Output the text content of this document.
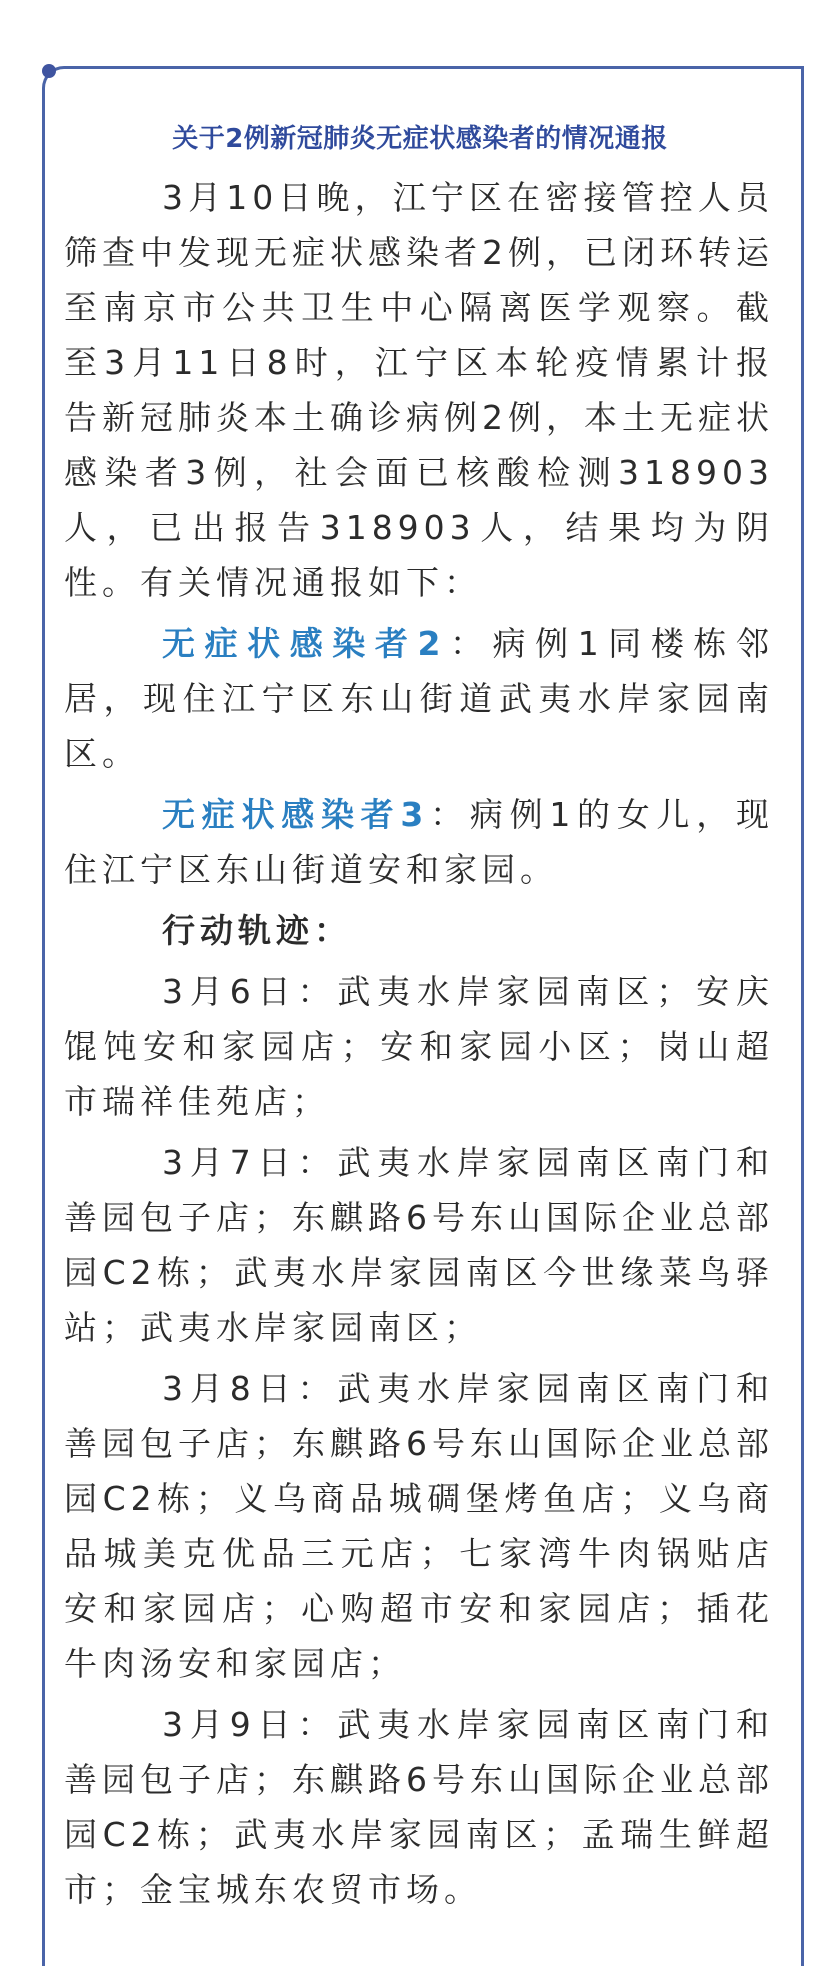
关于2例新冠肺炎无症状感染者的情况通报

3月10日晚，江宁区在密接管控人员筛查中发现无症状感染者2例，已闭环转运至南京市公共卫生中心隔离医学观察。截至3月11日8时，江宁区本轮疫情累计报告新冠肺炎本土确诊病例2例，本土无症状感染者3例，社会面已核酸检测318903人，已出报告318903人，结果均为阴性。有关情况通报如下：

无症状感染者2：病例1同楼栋邻居，现住江宁区东山街道武夷水岸家园南区。

无症状感染者3：病例1的女儿，现住江宁区东山街道安和家园。

行动轨迹：

3月6日：武夷水岸家园南区；安庆馄饨安和家园店；安和家园小区；岗山超市瑞祥佳苑店；

3月7日：武夷水岸家园南区南门和善园包子店；东麒路6号东山国际企业总部园C2栋；武夷水岸家园南区今世缘菜鸟驿站；武夷水岸家园南区；

3月8日：武夷水岸家园南区南门和善园包子店；东麒路6号东山国际企业总部园C2栋；义乌商品城碉堡烤鱼店；义乌商品城美克优品三元店；七家湾牛肉锅贴店安和家园店；心购超市安和家园店；插花牛肉汤安和家园店；

3月9日：武夷水岸家园南区南门和善园包子店；东麒路6号东山国际企业总部园C2栋；武夷水岸家园南区；孟瑞生鲜超市；金宝城东农贸市场。
